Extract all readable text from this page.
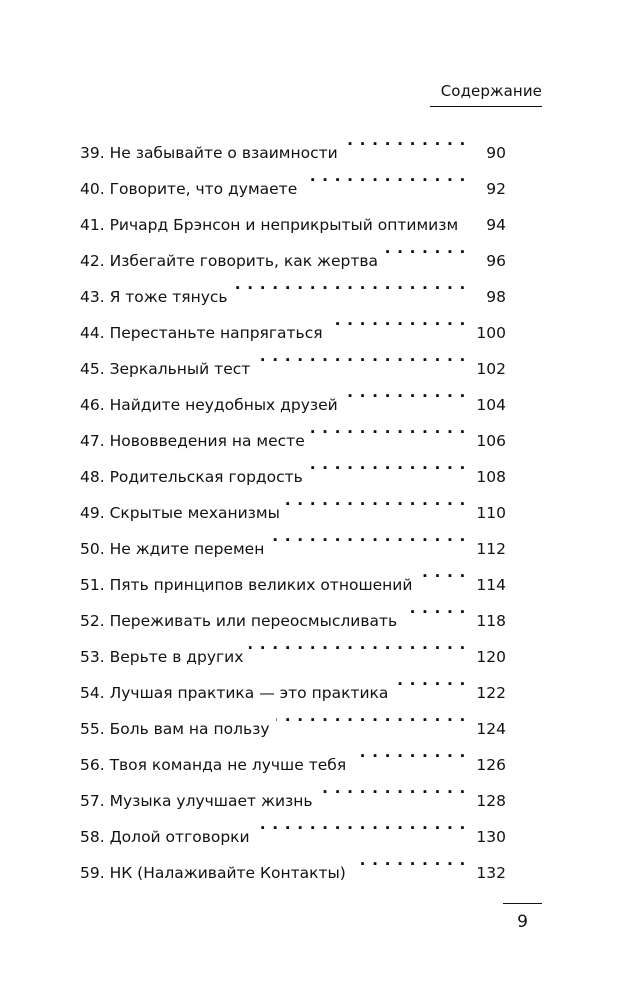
Содержание
39. Не забывайте о взаимности . . .	90
40. Говорите, что думаете . . .	92
41. Ричард Брэнсон и неприкрытый оптимизм . . .	94
42. Избегайте говорить, как жертва . . .	96
43. Я тоже тянусь . . .	98
44. Перестаньте напрягаться . . .	100
45. Зеркальный тест . . .	102
46. Найдите неудобных друзей . . .	104
47. Нововведения на месте . . .	106
48. Родительская гордость . . .	108
49. Скрытые механизмы . . .	110
50. Не ждите перемен . . .	112
51. Пять принципов великих отношений . . .	114
52. Переживать или переосмысливать . . .	118
53. Верьте в других . . .	120
54. Лучшая практика — это практика . . .	122
55. Боль вам на пользу . . .	124
56. Твоя команда не лучше тебя . . .	126
57. Музыка улучшает жизнь . . .	128
58. Долой отговорки . . .	130
59. НК (Налаживайте Контакты) . . .	132
9
